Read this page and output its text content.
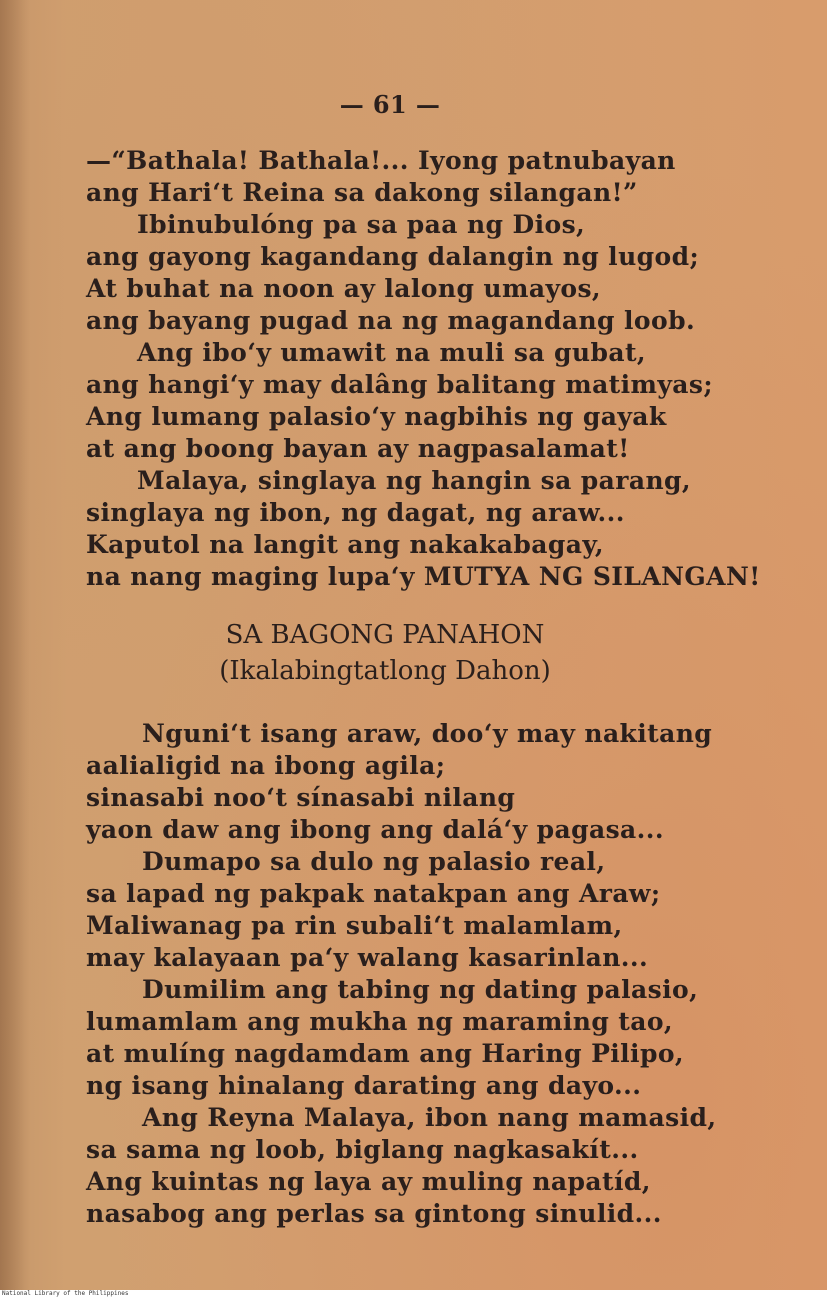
— 61 —
—“Bathala! Bathala!... Iyong patnubayan
ang Hari‘t Reina sa dakong silangan!”
Ibinubulóng pa sa paa ng Dios,
ang gayong kagandang dalangin ng lugod;
At buhat na noon ay lalong umayos,
ang bayang pugad na ng magandang loob.
Ang ibo‘y umawit na muli sa gubat,
ang hangi‘y may dalâng balitang matimyas;
Ang lumang palasio‘y nagbihis ng gayak
at ang boong bayan ay nagpasalamat!
Malaya, singlaya ng hangin sa parang,
singlaya ng ibon, ng dagat, ng araw...
Kaputol na langit ang nakakabagay,
na nang maging lupa‘y MUTYA NG SILANGAN!
SA BAGONG PANAHON
(Ikalabingtatlong Dahon)
Nguni‘t isang araw, doo‘y may nakitang
aalialigid na ibong agila;
sinasabi noo‘t sínasabi nilang
yaon daw ang ibong ang dalá‘y pagasa...
Dumapo sa dulo ng palasio real,
sa lapad ng pakpak natakpan ang Araw;
Maliwanag pa rin subali‘t malamlam,
may kalayaan pa‘y walang kasarinlan...
Dumilim ang tabing ng dating palasio,
lumamlam ang mukha ng maraming tao,
at mulíng nagdamdam ang Haring Pilipo,
ng isang hinalang darating ang dayo...
Ang Reyna Malaya, ibon nang mamasid,
sa sama ng loob, biglang nagkasakít...
Ang kuintas ng laya ay muling napatíd,
nasabog ang perlas sa gintong sinulid...
National Library of the Philippines
